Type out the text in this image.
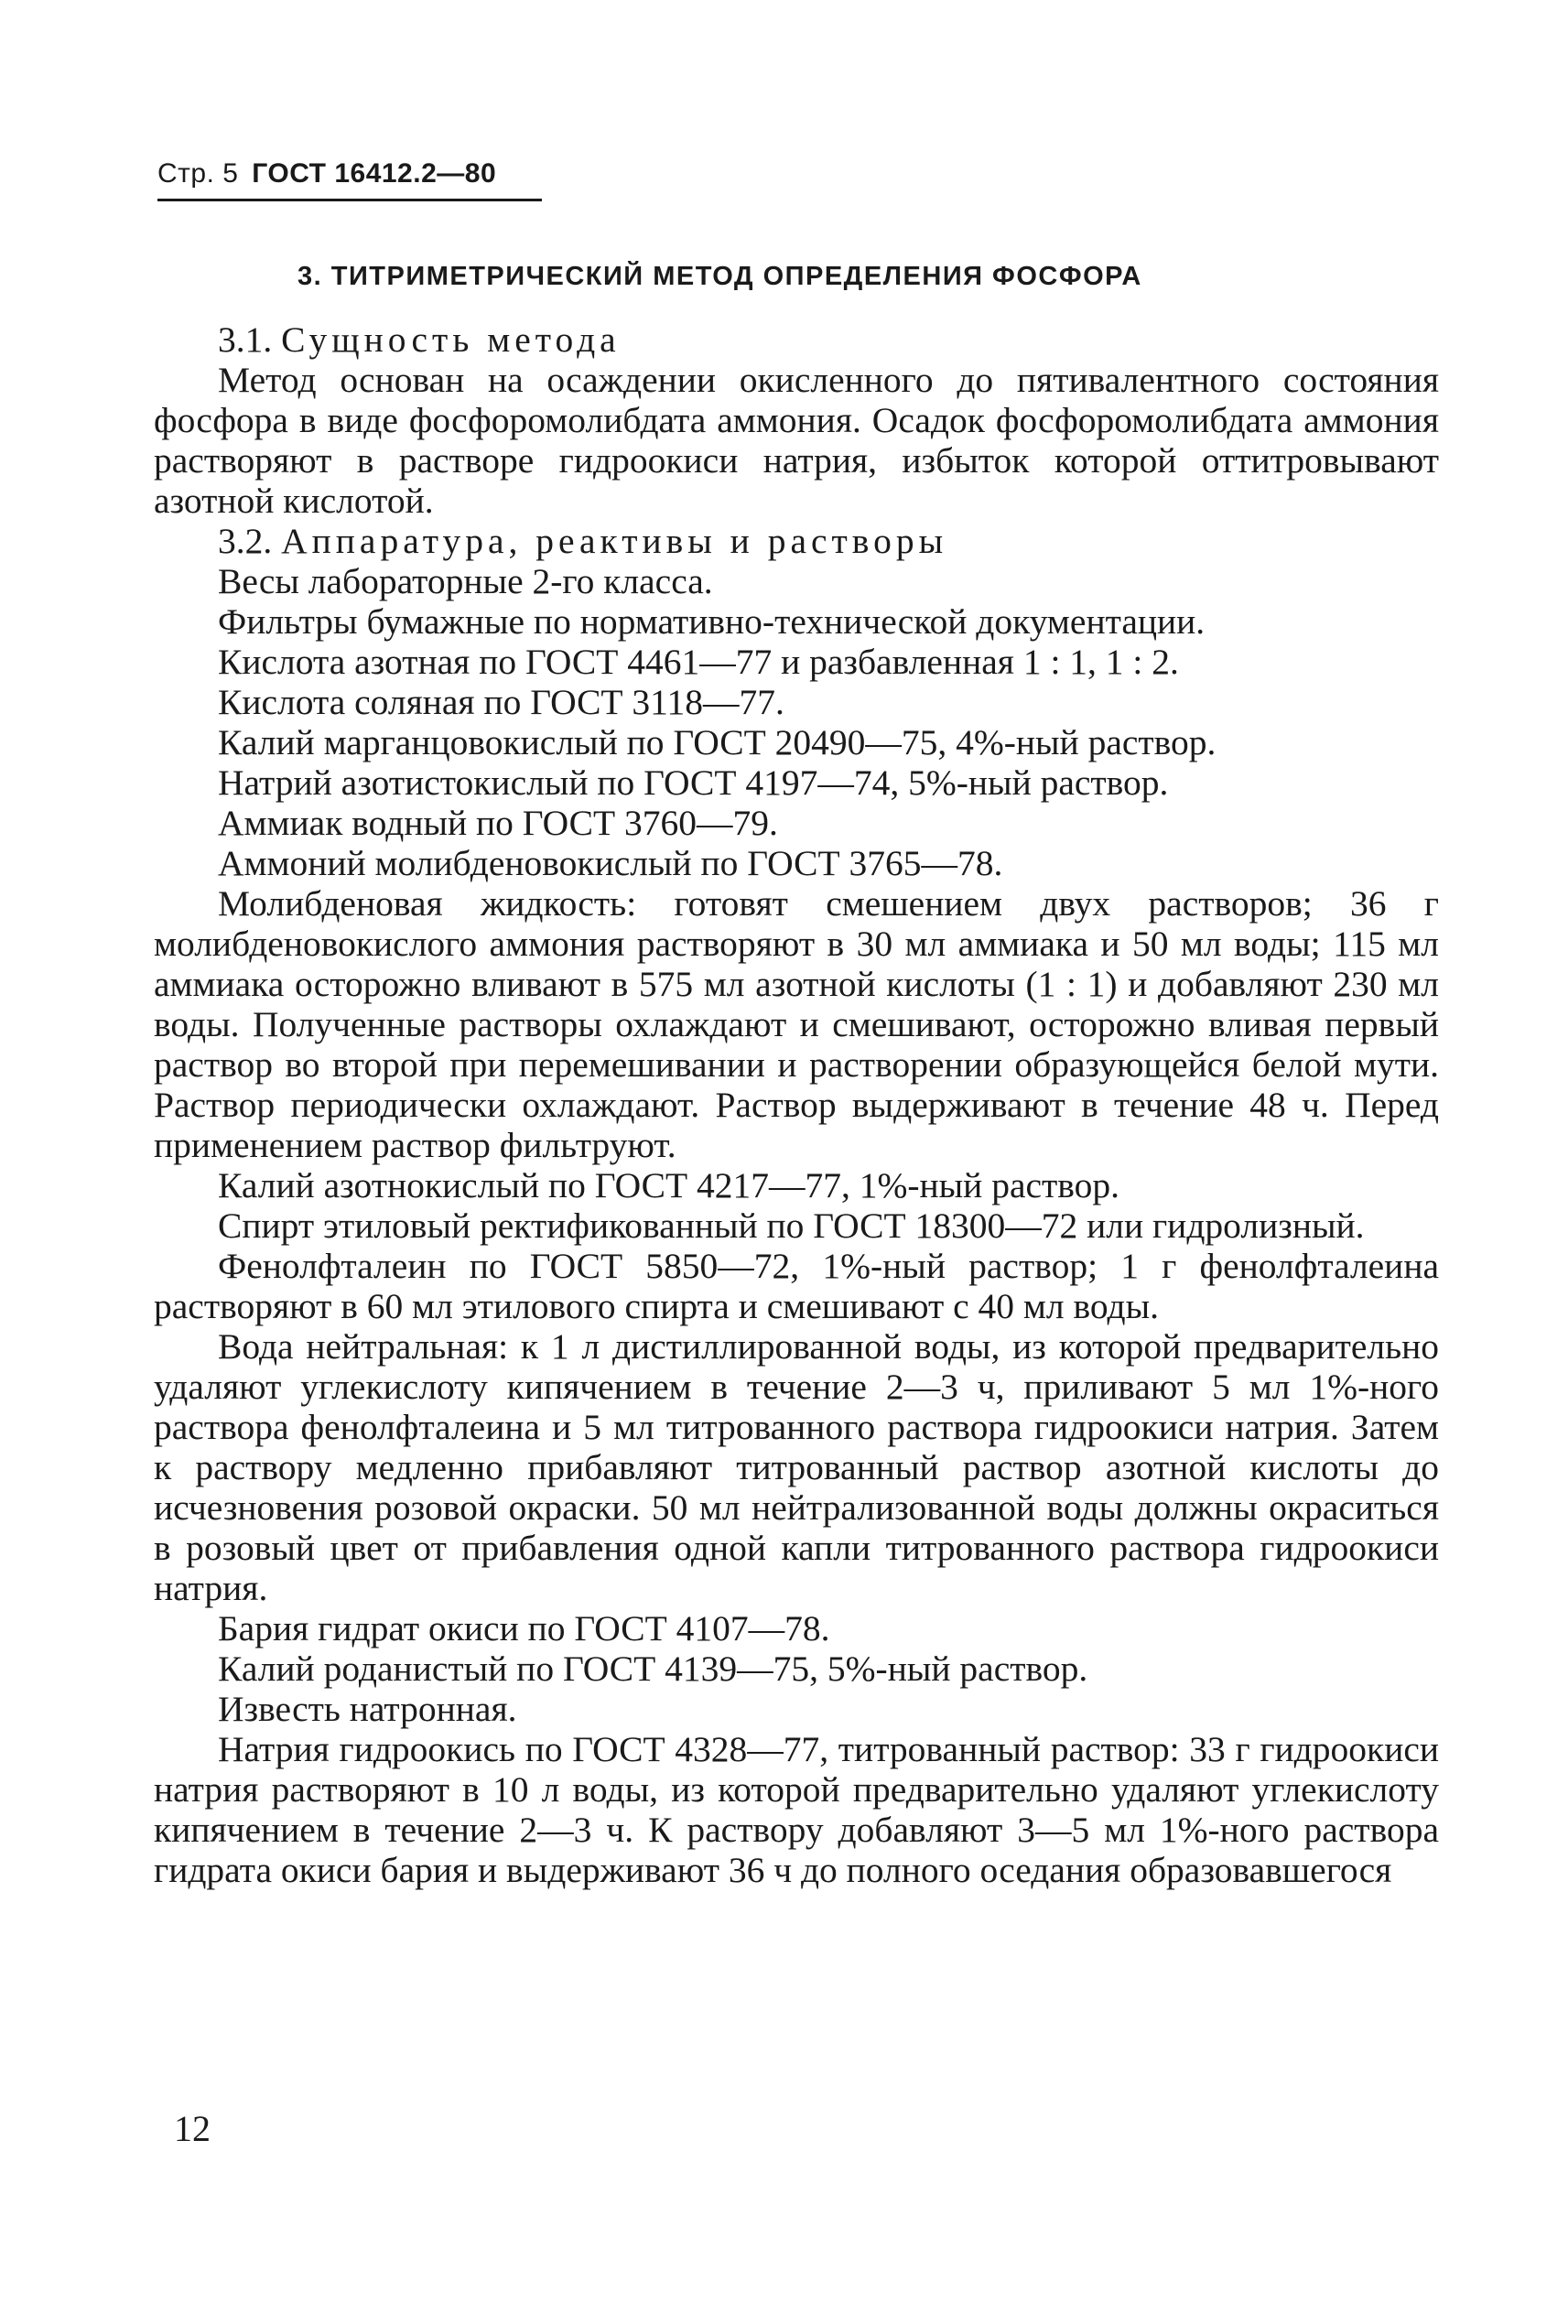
Стр. 5 ГОСТ 16412.2—80
3. ТИТРИМЕТРИЧЕСКИЙ МЕТОД ОПРЕДЕЛЕНИЯ ФОСФОРА

3.1. Сущность метода

Метод основан на осаждении окисленного до пятивалентного состояния фосфора в виде фосфоромолибдата аммония. Осадок фосфоромолибдата аммония растворяют в растворе гидроокиси натрия, избыток которой оттитровывают азотной кислотой.

3.2. Аппаратура, реактивы и растворы

Весы лабораторные 2-го класса.

Фильтры бумажные по нормативно-технической документации.

Кислота азотная по ГОСТ 4461—77 и разбавленная 1 : 1, 1 : 2.

Кислота соляная по ГОСТ 3118—77.

Калий марганцовокислый по ГОСТ 20490—75, 4%-ный раствор.

Натрий азотистокислый по ГОСТ 4197—74, 5%-ный раствор.

Аммиак водный по ГОСТ 3760—79.

Аммоний молибденовокислый по ГОСТ 3765—78.

Молибденовая жидкость: готовят смешением двух растворов; 36 г молибденовокислого аммония растворяют в 30 мл аммиака и 50 мл воды; 115 мл аммиака осторожно вливают в 575 мл азотной кислоты (1 : 1) и добавляют 230 мл воды. Полученные растворы охлаждают и смешивают, осторожно вливая первый раствор во второй при перемешивании и растворении образующейся белой мути. Раствор периодически охлаждают. Раствор выдерживают в течение 48 ч. Перед применением раствор фильтруют.

Калий азотнокислый по ГОСТ 4217—77, 1%-ный раствор.

Спирт этиловый ректификованный по ГОСТ 18300—72 или гидролизный.

Фенолфталеин по ГОСТ 5850—72, 1%-ный раствор; 1 г фенолфталеина растворяют в 60 мл этилового спирта и смешивают с 40 мл воды.

Вода нейтральная: к 1 л дистиллированной воды, из которой предварительно удаляют углекислоту кипячением в течение 2—3 ч, приливают 5 мл 1%-ного раствора фенолфталеина и 5 мл титрованного раствора гидроокиси натрия. Затем к раствору медленно прибавляют титрованный раствор азотной кислоты до исчезновения розовой окраски. 50 мл нейтрализованной воды должны окраситься в розовый цвет от прибавления одной капли титрованного раствора гидроокиси натрия.

Бария гидрат окиси по ГОСТ 4107—78.

Калий роданистый по ГОСТ 4139—75, 5%-ный раствор.

Известь натронная.

Натрия гидроокись по ГОСТ 4328—77, титрованный раствор: 33 г гидроокиси натрия растворяют в 10 л воды, из которой предварительно удаляют углекислоту кипячением в течение 2—3 ч. К раствору добавляют 3—5 мл 1%-ного раствора гидрата окиси бария и выдерживают 36 ч до полного оседания образовавшегося

12
